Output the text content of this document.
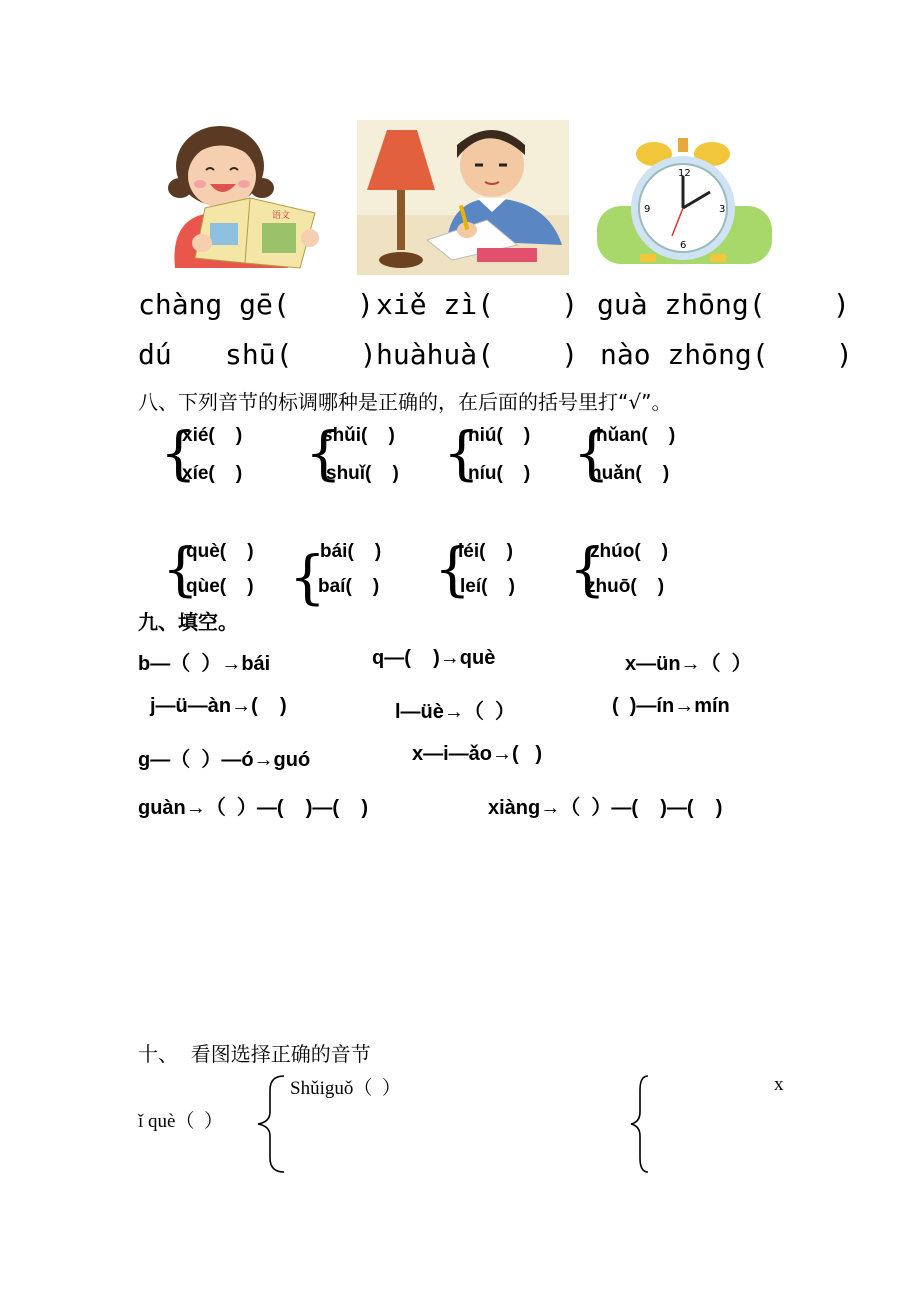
语文
12
3
6
9
chàng gē(    ) xiě zì(    ) guà zhōng(    )
dú shū(    ) huàhuà(    ) nào zhōng(    )
八、下列音节的标调哪种是正确的，在后面的括号里打“√”。
{
xié(    )
xíe(    ) {
shǔi(    )
shuǐ(    ) {
niú(    )
níu(    ) {
hǔan(    )
huǎn(    )
{
què(    )
qùe(    ) {
bái(    )
baí(    ) {
léi(    )
leí(    ) {
zhúo(    )
zhuō(    )
九、填空。
b—（  ）→bái	q—(    )→què	x—ün→（  ）
j—ü—àn→(    )	l—üè→（  ）	(  )—ín→mín
g—（  ）—ó→guó	x—i—ǎo→(   )
guàn→（  ）—(    )—(    )	xiàng→（  ）—(    )—(    )
十、  看图选择正确的音节
Shǔiguǒ（  ）
ǐ què（  ）
x
